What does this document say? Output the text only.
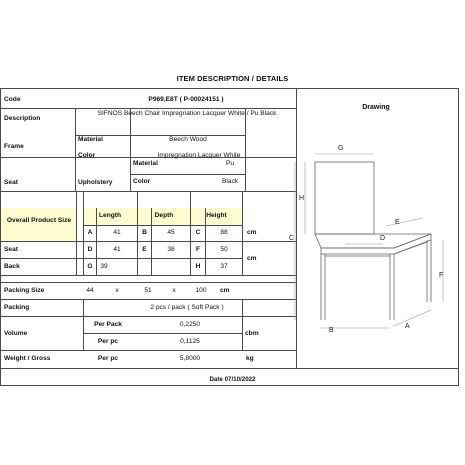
ITEM DESCRIPTION / DETAILS
Code	P969,E8T ( P-00024151 )
Description
SIFNOS Beech Chair Impregnation Lacquer White / Pu Black
Frame
Material	Beech Wood
Color	Impregnation Lacquer White
Seat	Upholstery
Material	Pu
Color	Black
Overall Product Size
Length	Depth	Height
A	41	B	45	C	88	cm
Seat	D	41	E	38	F	50
cm
Back	G	39	H	37
Packing Size	44	x	51	x	100	cm
Packing	2 pcs / pack ( Soft Pack )
Volume
Per Pack	0,2250
Per pc	0,1125
cbm
Weight / Gross	Per pc	5,8000	kg
Drawing
G
H
C
E
D
F
B
A
Date 07/10/2022
